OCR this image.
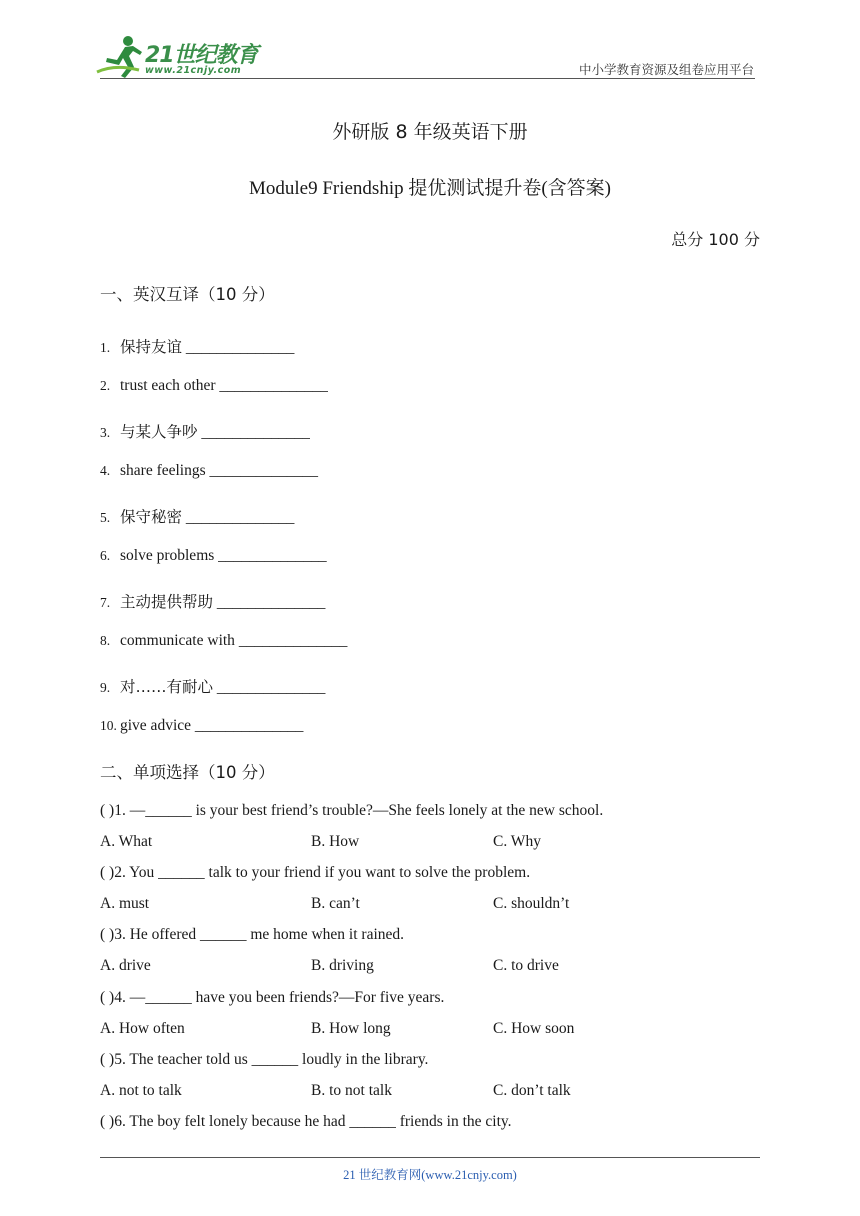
21世纪教育
www.21cnjy.com	中小学教育资源及组卷应用平台
外研版 8 年级英语下册
Module9 Friendship 提优测试提升卷(含答案)
总分 100 分
一、英汉互译（10 分）
1. 保持友谊 ______________
2. trust each other ______________
3. 与某人争吵 ______________
4. share feelings ______________
5. 保守秘密 ______________
6. solve problems ______________
7. 主动提供帮助 ______________
8. communicate with ______________
9. 对……有耐心 ______________
10. give advice ______________
二、单项选择（10 分）
( )1. —______ is your best friend’s trouble?—She feels lonely at the new school.
A. What	B. How	C. Why
( )2. You ______ talk to your friend if you want to solve the problem.
A. must	B. can’t	C. shouldn’t
( )3. He offered ______ me home when it rained.
A. drive	B. driving	C. to drive
( )4. —______ have you been friends?—For five years.
A. How often	B. How long	C. How soon
( )5. The teacher told us ______ loudly in the library.
A. not to talk	B. to not talk	C. don’t talk
( )6. The boy felt lonely because he had ______ friends in the city.
21 世纪教育网(www.21cnjy.com)
